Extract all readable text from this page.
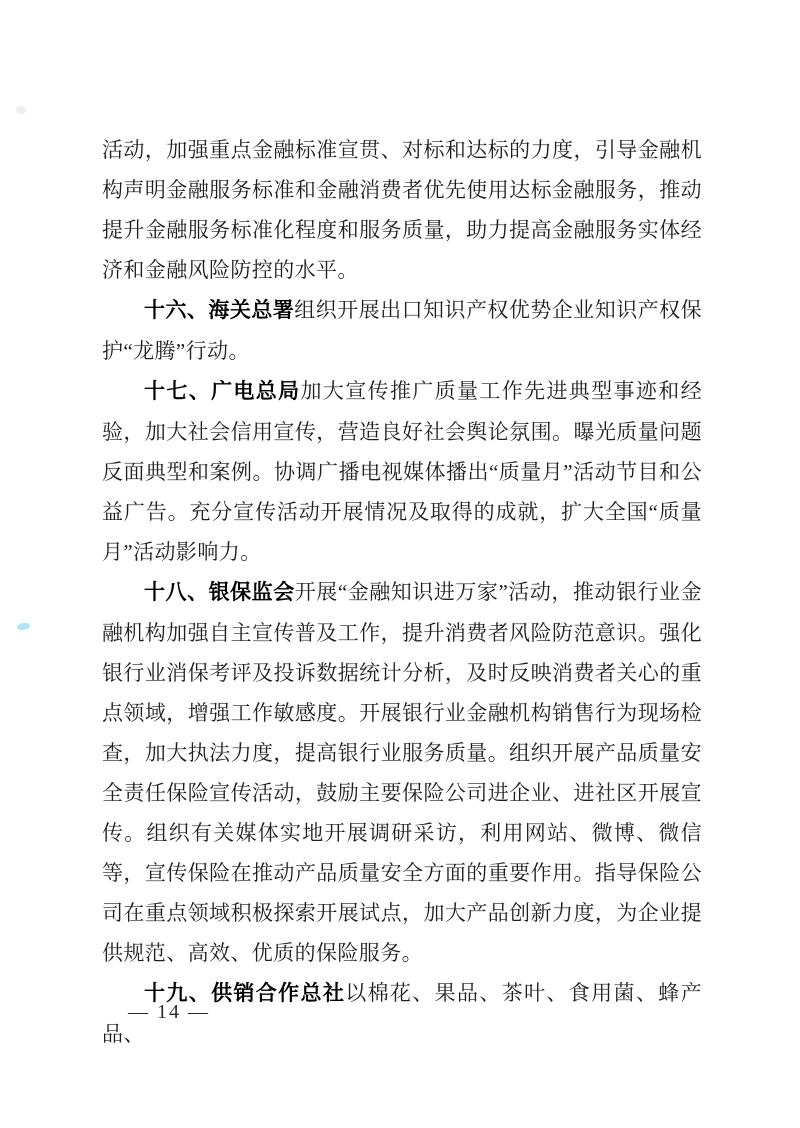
活动，加强重点金融标准宣贯、对标和达标的力度，引导金融机构声明金融服务标准和金融消费者优先使用达标金融服务，推动提升金融服务标准化程度和服务质量，助力提高金融服务实体经济和金融风险防控的水平。

十六、海关总署组织开展出口知识产权优势企业知识产权保护“龙腾”行动。

十七、广电总局加大宣传推广质量工作先进典型事迹和经验，加大社会信用宣传，营造良好社会舆论氛围。曝光质量问题反面典型和案例。协调广播电视媒体播出“质量月”活动节目和公益广告。充分宣传活动开展情况及取得的成就，扩大全国“质量月”活动影响力。

十八、银保监会开展“金融知识进万家”活动，推动银行业金融机构加强自主宣传普及工作，提升消费者风险防范意识。强化银行业消保考评及投诉数据统计分析，及时反映消费者关心的重点领域，增强工作敏感度。开展银行业金融机构销售行为现场检查，加大执法力度，提高银行业服务质量。组织开展产品质量安全责任保险宣传活动，鼓励主要保险公司进企业、进社区开展宣传。组织有关媒体实地开展调研采访，利用网站、微博、微信等，宣传保险在推动产品质量安全方面的重要作用。指导保险公司在重点领域积极探索开展试点，加大产品创新力度，为企业提供规范、高效、优质的保险服务。

十九、供销合作总社以棉花、果品、茶叶、食用菌、蜂产品、

— 14 —
